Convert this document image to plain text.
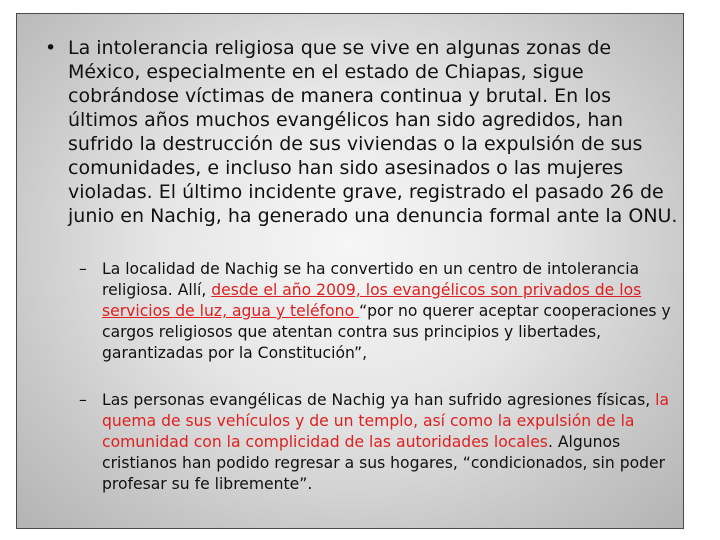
• La intolerancia religiosa que se vive en algunas zonas de México, especialmente en el estado de Chiapas, sigue cobrándose víctimas de manera continua y brutal. En los últimos años muchos evangélicos han sido agredidos, han sufrido la destrucción de sus viviendas o la expulsión de sus comunidades, e incluso han sido asesinados o las mujeres violadas. El último incidente grave, registrado el pasado 26 de junio en Nachig, ha generado una denuncia formal ante la ONU.
– La localidad de Nachig se ha convertido en un centro de intolerancia religiosa. Allí, desde el año 2009, los evangélicos son privados de los servicios de luz, agua y teléfono “por no querer aceptar cooperaciones y cargos religiosos que atentan contra sus principios y libertades, garantizadas por la Constitución”,
– Las personas evangélicas de Nachig ya han sufrido agresiones físicas, la quema de sus vehículos y de un templo, así como la expulsión de la comunidad con la complicidad de las autoridades locales. Algunos cristianos han podido regresar a sus hogares, “condicionados, sin poder profesar su fe libremente”.
